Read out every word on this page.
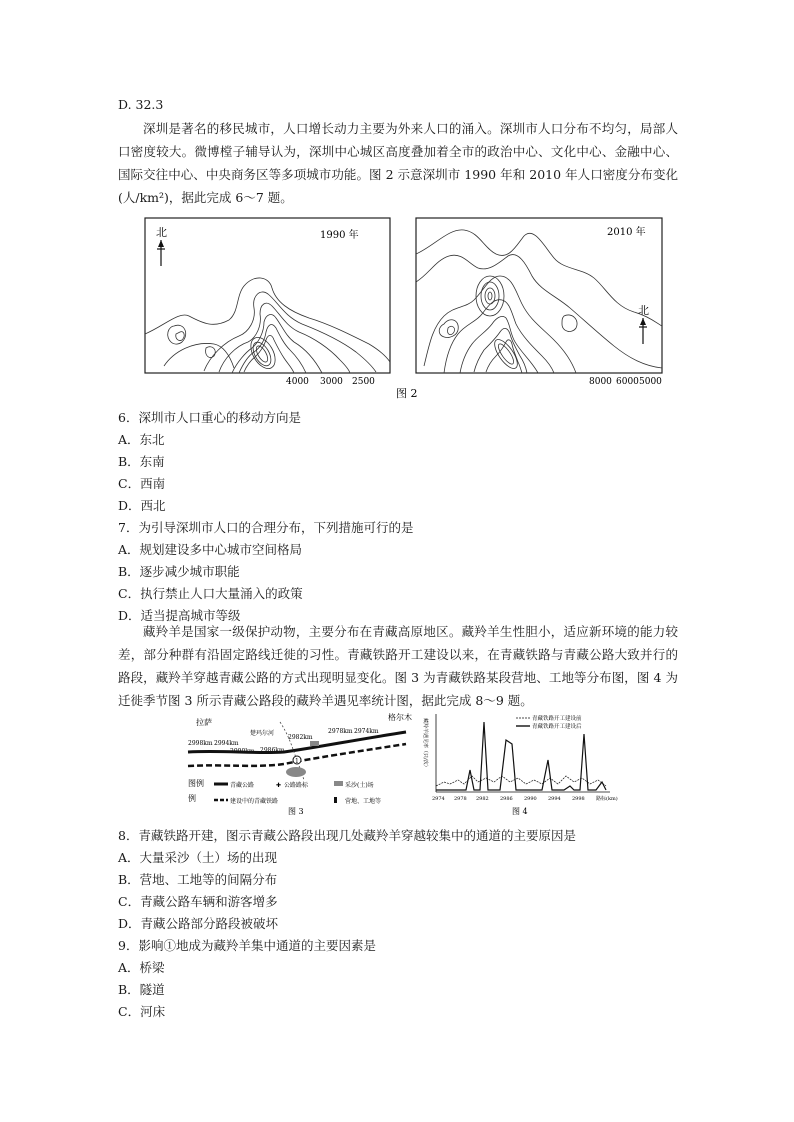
D. 32.3
深圳是著名的移民城市，人口增长动力主要为外来人口的涌入。深圳市人口分布不均匀，局部人口密度较大。微博樘子辅导认为，深圳中心城区高度叠加着全市的政治中心、文化中心、金融中心、国际交往中心、中央商务区等多项城市功能。图 2 示意深圳市 1990 年和 2010 年人口密度分布变化(人/km²)，据此完成 6～7 题。
1990 年	2010 年
北
北
4000 3000 2500	8000 6000 5000
图 2
6．深圳市人口重心的移动方向是
A．东北
B．东南
C．西南
D．西北
7．为引导深圳市人口的合理分布，下列措施可行的是
A．规划建设多中心城市空间格局
B．逐步减少城市职能
C．执行禁止人口大量涌入的政策
D．适当提高城市等级
藏羚羊是国家一级保护动物，主要分布在青藏高原地区。藏羚羊生性胆小，适应新环境的能力较差，部分种群有沿固定路线迁徙的习性。青藏铁路开工建设以来，在青藏铁路与青藏公路大致并行的路段，藏羚羊穿越青藏公路的方式出现明显变化。图 3 为青藏铁路某段营地、工地等分布图，图 4 为迁徙季节图 3 所示青藏公路段的藏羚羊遇见率统计图，据此完成 8～9 题。
拉萨
格尔木
楚玛尔河
2998km 2994km
2990km 2986km
2982km
2978km 2974km
1
图例
例
青藏公路	✚ 公路路标	采沙(土)场
建设中的青藏铁路	营地、工地等
图 3
藏羚羊遇见率（只/次）	青藏铁路开工建设前
青藏铁路开工建设后
2974 2978 2982 2986 2990 2994 2998 路标(km)
图 4
8．青藏铁路开建，图示青藏公路段出现几处藏羚羊穿越较集中的通道的主要原因是
A．大量采沙（土）场的出现
B．营地、工地等的间隔分布
C．青藏公路车辆和游客增多
D．青藏公路部分路段被破坏
9．影响①地成为藏羚羊集中通道的主要因素是
A．桥梁
B．隧道
C．河床
